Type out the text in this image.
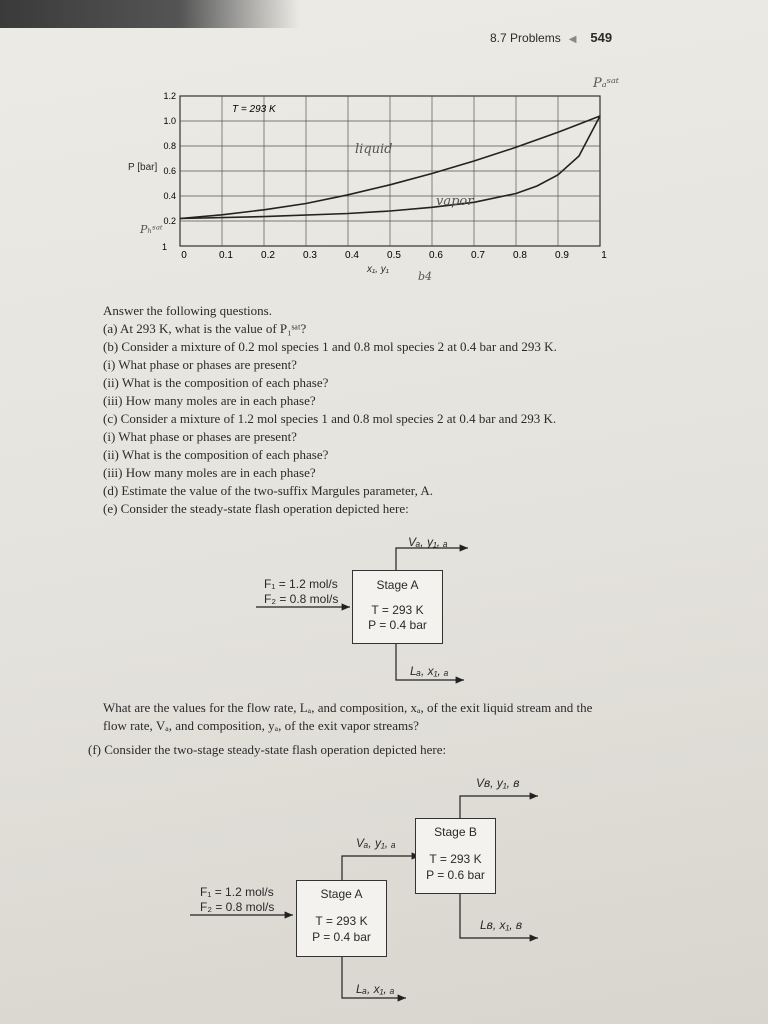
8.7 Problems ◀ 549
0	0.1	0.2	0.3	0.4	0.5	0.6	0.7	0.8	0.9	1
0.2
0.4
0.6
0.8
1.0
1.2
1
T = 293 K
P [bar]
x₁, y₁
Pₐˢᵃᵗ
Pₕˢᵃᵗ
liquid
vapor
b4
Answer the following questions.
(a) At 293 K, what is the value of P₁ˢᵃᵗ?
(b) Consider a mixture of 0.2 mol species 1 and 0.8 mol species 2 at 0.4 bar and 293 K.
(i) What phase or phases are present?
(ii) What is the composition of each phase?
(iii) How many moles are in each phase?
(c) Consider a mixture of 1.2 mol species 1 and 0.8 mol species 2 at 0.4 bar and 293 K.
(i) What phase or phases are present?
(ii) What is the composition of each phase?
(iii) How many moles are in each phase?
(d) Estimate the value of the two-suffix Margules parameter, A.
(e) Consider the steady-state flash operation depicted here:
Vₐ, y₁, ₐ
F₁ = 1.2 mol/s
F₂ = 0.8 mol/s
Stage A
T = 293 K
P = 0.4 bar
Lₐ, x₁, ₐ
What are the values for the flow rate, Lₐ, and composition, xₐ, of the exit liquid stream and the
flow rate, Vₐ, and composition, yₐ, of the exit vapor streams?
(f) Consider the two-stage steady-state flash operation depicted here:
Vʙ, y₁, ʙ
Stage B
T = 293 K
P = 0.6 bar
Lʙ, x₁, ʙ
Vₐ, y₁, ₐ
F₁ = 1.2 mol/s
F₂ = 0.8 mol/s
Stage A
T = 293 K
P = 0.4 bar
Lₐ, x₁, ₐ
